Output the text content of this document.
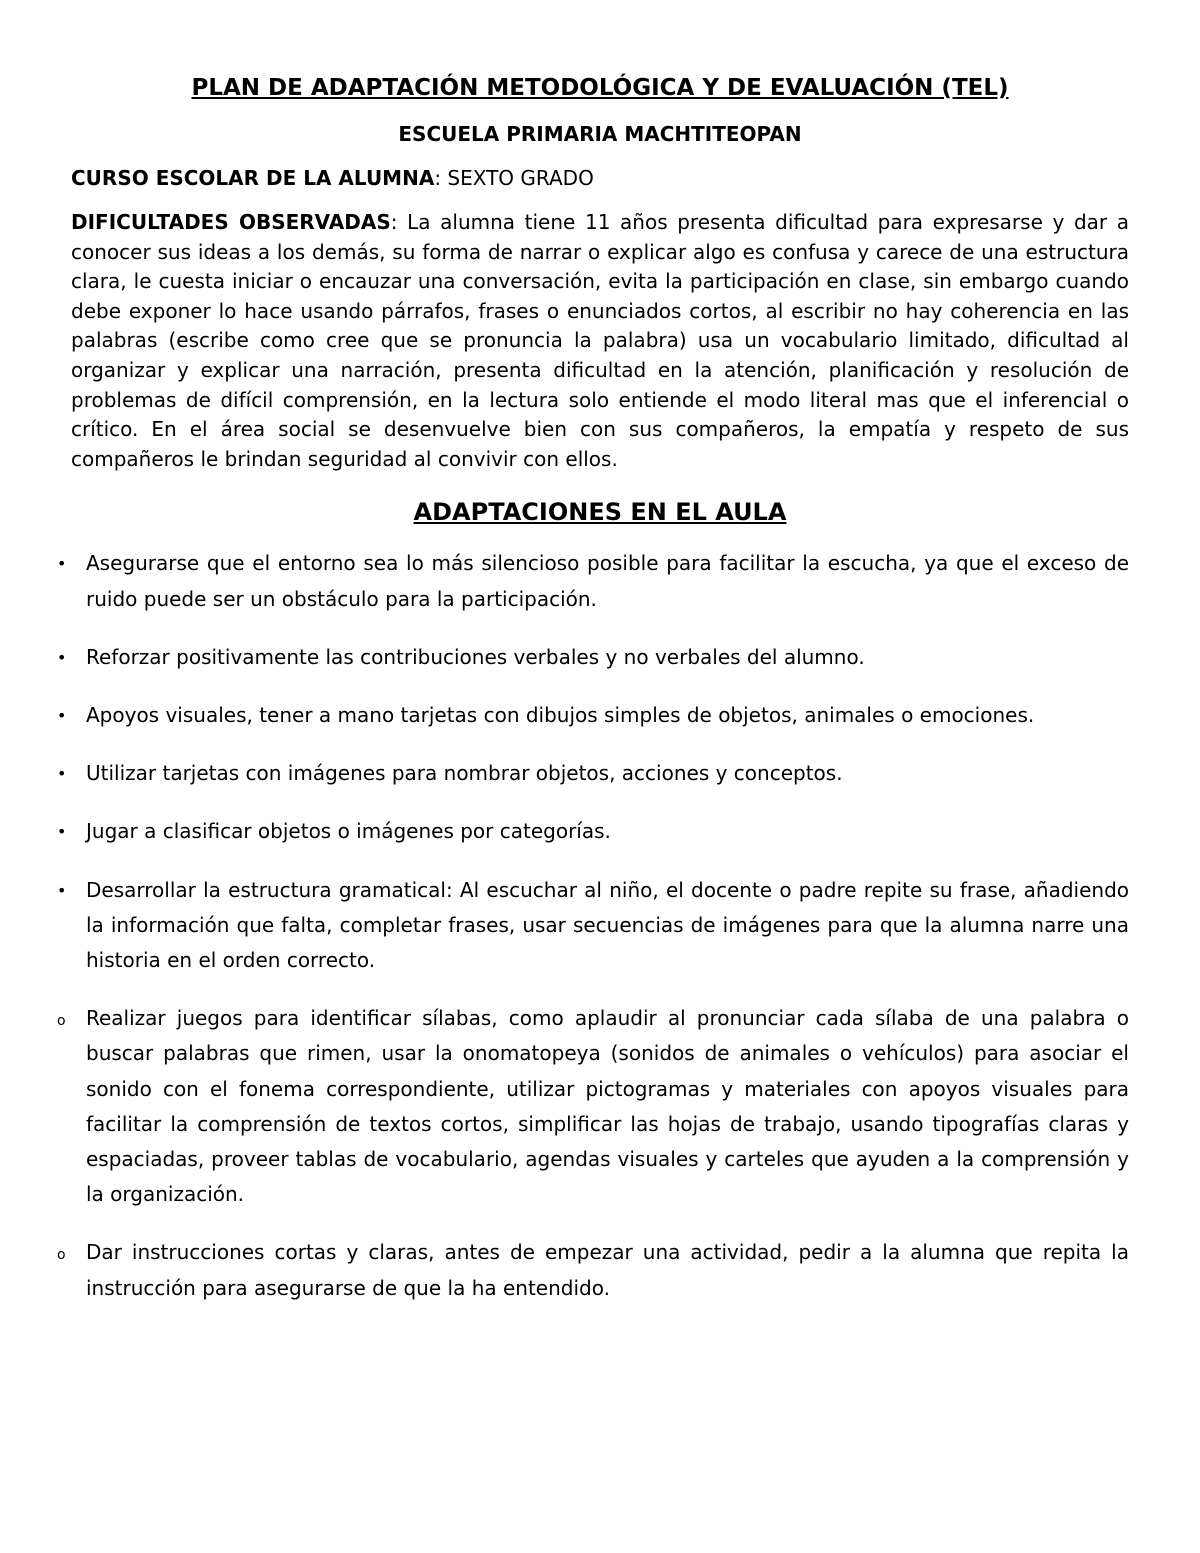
PLAN DE ADAPTACIÓN METODOLÓGICA Y DE EVALUACIÓN (TEL)
ESCUELA PRIMARIA MACHTITEOPAN
CURSO ESCOLAR DE LA ALUMNA: SEXTO GRADO
DIFICULTADES OBSERVADAS: La alumna tiene 11 años presenta dificultad para expresarse y dar a conocer sus ideas a los demás, su forma de narrar o explicar algo es confusa y carece de una estructura clara, le cuesta iniciar o encauzar una conversación, evita la participación en clase, sin embargo cuando debe exponer lo hace usando párrafos, frases o enunciados cortos, al escribir no hay coherencia en las palabras (escribe como cree que se pronuncia la palabra) usa un vocabulario limitado, dificultad al organizar y explicar una narración, presenta dificultad en la atención, planificación y resolución de problemas de difícil comprensión, en la lectura solo entiende el modo literal mas que el inferencial o crítico. En el área social se desenvuelve bien con sus compañeros, la empatía y respeto de sus compañeros le brindan seguridad al convivir con ellos.
ADAPTACIONES EN EL AULA
• Asegurarse que el entorno sea lo más silencioso posible para facilitar la escucha, ya que el exceso de ruido puede ser un obstáculo para la participación.
• Reforzar positivamente las contribuciones verbales y no verbales del alumno.
• Apoyos visuales, tener a mano tarjetas con dibujos simples de objetos, animales o emociones.
• Utilizar tarjetas con imágenes para nombrar objetos, acciones y conceptos.
• Jugar a clasificar objetos o imágenes por categorías.
• Desarrollar la estructura gramatical: Al escuchar al niño, el docente o padre repite su frase, añadiendo la información que falta, completar frases, usar secuencias de imágenes para que la alumna narre una historia en el orden correcto.
o Realizar juegos para identificar sílabas, como aplaudir al pronunciar cada sílaba de una palabra o buscar palabras que rimen, usar la onomatopeya (sonidos de animales o vehículos) para asociar el sonido con el fonema correspondiente, utilizar pictogramas y materiales con apoyos visuales para facilitar la comprensión de textos cortos, simplificar las hojas de trabajo, usando tipografías claras y espaciadas, proveer tablas de vocabulario, agendas visuales y carteles que ayuden a la comprensión y la organización.
o Dar instrucciones cortas y claras, antes de empezar una actividad, pedir a la alumna que repita la instrucción para asegurarse de que la ha entendido.
